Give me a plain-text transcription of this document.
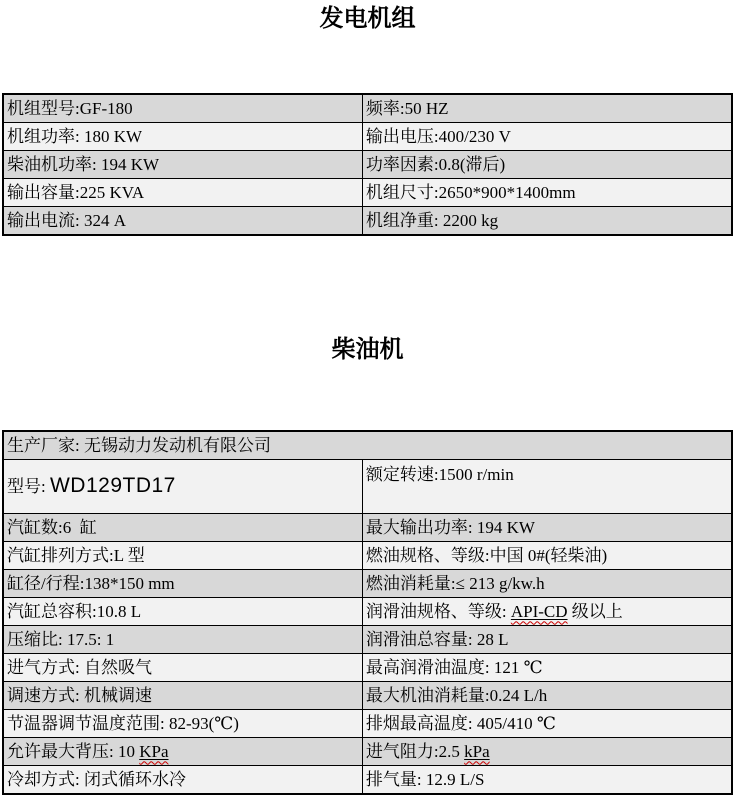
发电机组
机组型号:GF-180	频率:50 HZ
机组功率: 180 KW	输出电压:400/230 V
柴油机功率: 194 KW	功率因素:0.8(滞后)
输出容量:225 KVA	机组尺寸:2650*900*1400mm
输出电流: 324 A	机组净重: 2200 kg
柴油机
生产厂家: 无锡动力发动机有限公司	
型号: WD129TD17	额定转速:1500 r/min
汽缸数:6  缸	最大输出功率: 194 KW
汽缸排列方式:L 型	燃油规格、等级:中国 0#(轻柴油)
缸径/行程:138*150 mm	燃油消耗量:≤ 213 g/kw.h
汽缸总容积:10.8 L	润滑油规格、等级: API-CD 级以上
压缩比: 17.5: 1	润滑油总容量: 28 L
进气方式: 自然吸气	最高润滑油温度: 121 ℃
调速方式: 机械调速	最大机油消耗量:0.24 L/h
节温器调节温度范围: 82-93(℃)	排烟最高温度: 405/410 ℃
允许最大背压: 10 KPa	进气阻力:2.5 kPa
冷却方式: 闭式循环水冷	排气量: 12.9 L/S
